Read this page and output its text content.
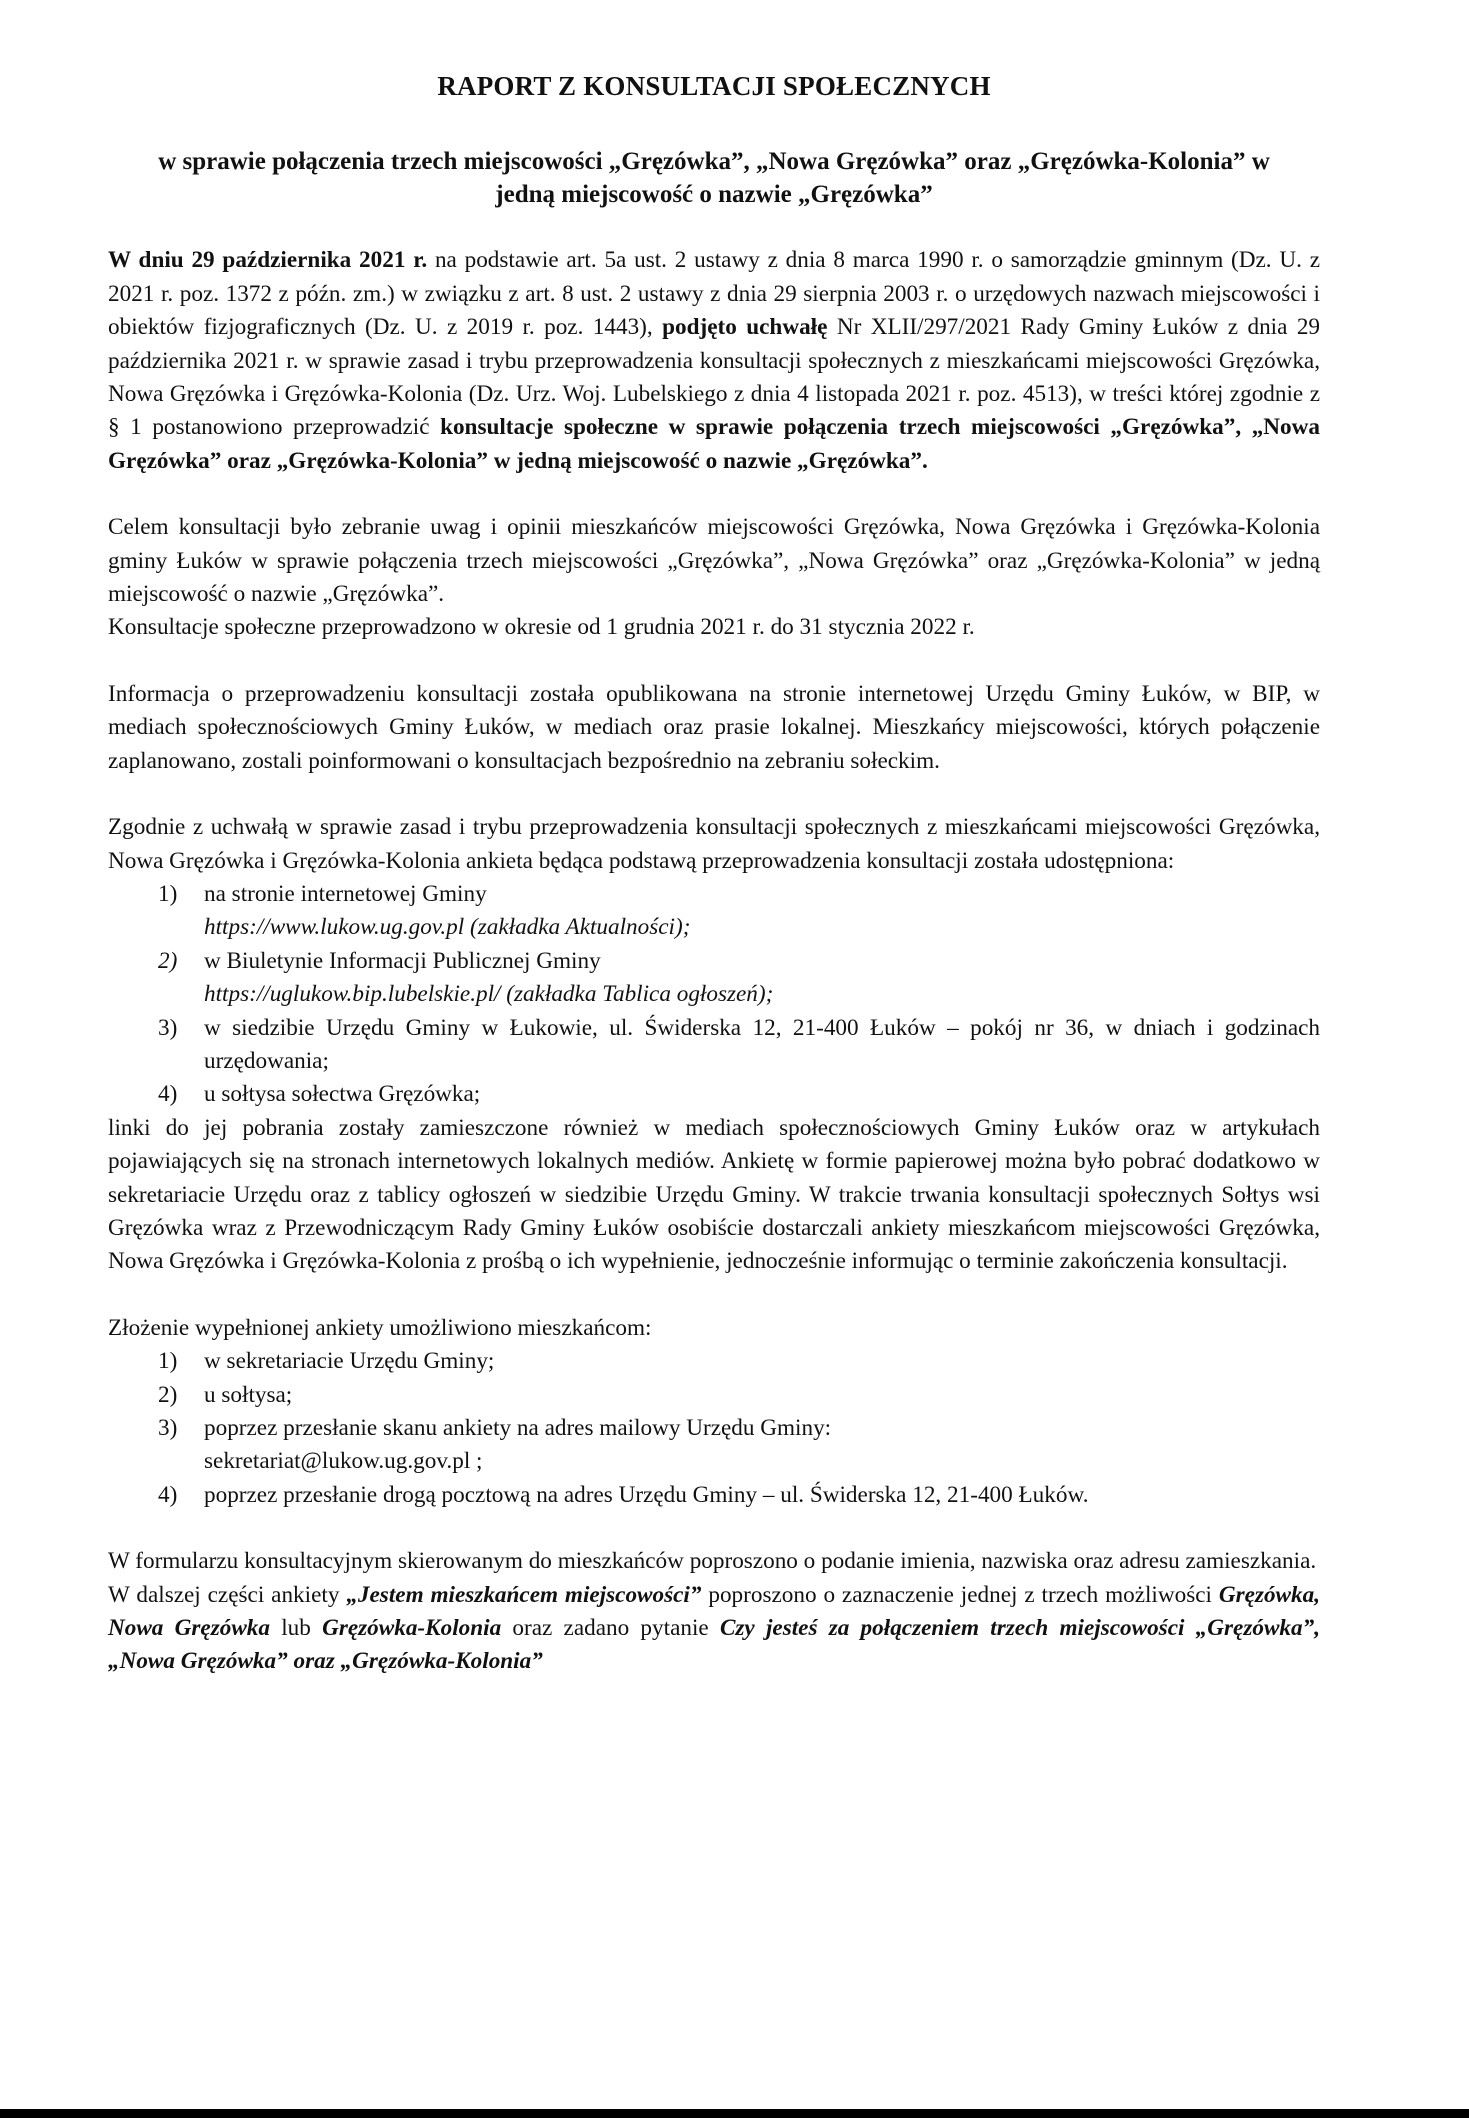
RAPORT Z KONSULTACJI SPOŁECZNYCH
w sprawie połączenia trzech miejscowości „Gręzówka”, „Nowa Gręzówka” oraz „Gręzówka-Kolonia” w jedną miejscowość o nazwie „Gręzówka”

W dniu 29 października 2021 r. na podstawie art. 5a ust. 2 ustawy z dnia 8 marca 1990 r. o samorządzie gminnym (Dz. U. z 2021 r. poz. 1372 z późn. zm.) w związku z art. 8 ust. 2 ustawy z dnia 29 sierpnia 2003 r. o urzędowych nazwach miejscowości i obiektów fizjograficznych (Dz. U. z 2019 r. poz. 1443), podjęto uchwałę Nr XLII/297/2021 Rady Gminy Łuków z dnia 29 października 2021 r. w sprawie zasad i trybu przeprowadzenia konsultacji społecznych z mieszkańcami miejscowości Gręzówka, Nowa Gręzówka i Gręzówka-Kolonia (Dz. Urz. Woj. Lubelskiego z dnia 4 listopada 2021 r. poz. 4513), w treści której zgodnie z § 1 postanowiono przeprowadzić konsultacje społeczne w sprawie połączenia trzech miejscowości „Gręzówka”, „Nowa Gręzówka” oraz „Gręzówka-Kolonia” w jedną miejscowość o nazwie „Gręzówka”.

Celem konsultacji było zebranie uwag i opinii mieszkańców miejscowości Gręzówka, Nowa Gręzówka i Gręzówka-Kolonia gminy Łuków w sprawie połączenia trzech miejscowości „Gręzówka”, „Nowa Gręzówka” oraz „Gręzówka-Kolonia” w jedną miejscowość o nazwie „Gręzówka”.

Konsultacje społeczne przeprowadzono w okresie od 1 grudnia 2021 r. do 31 stycznia 2022 r.

Informacja o przeprowadzeniu konsultacji została opublikowana na stronie internetowej Urzędu Gminy Łuków, w BIP, w mediach społecznościowych Gminy Łuków, w mediach oraz prasie lokalnej. Mieszkańcy miejscowości, których połączenie zaplanowano, zostali poinformowani o konsultacjach bezpośrednio na zebraniu sołeckim.

Zgodnie z uchwałą w sprawie zasad i trybu przeprowadzenia konsultacji społecznych z mieszkańcami miejscowości Gręzówka, Nowa Gręzówka i Gręzówka-Kolonia ankieta będąca podstawą przeprowadzenia konsultacji została udostępniona:

1) na stronie internetowej Gminy
https://www.lukow.ug.gov.pl (zakładka Aktualności);
2) w Biuletynie Informacji Publicznej Gminy
https://uglukow.bip.lubelskie.pl/ (zakładka Tablica ogłoszeń);
3) w siedzibie Urzędu Gminy w Łukowie, ul. Świderska 12, 21-400 Łuków – pokój nr 36, w dniach i godzinach urzędowania;
4) u sołtysa sołectwa Gręzówka;

linki do jej pobrania zostały zamieszczone również w mediach społecznościowych Gminy Łuków oraz w artykułach pojawiających się na stronach internetowych lokalnych mediów. Ankietę w formie papierowej można było pobrać dodatkowo w sekretariacie Urzędu oraz z tablicy ogłoszeń w siedzibie Urzędu Gminy. W trakcie trwania konsultacji społecznych Sołtys wsi Gręzówka wraz z Przewodniczącym Rady Gminy Łuków osobiście dostarczali ankiety mieszkańcom miejscowości Gręzówka, Nowa Gręzówka i Gręzówka-Kolonia z prośbą o ich wypełnienie, jednocześnie informując o terminie zakończenia konsultacji.

Złożenie wypełnionej ankiety umożliwiono mieszkańcom:

1) w sekretariacie Urzędu Gminy;
2) u sołtysa;
3) poprzez przesłanie skanu ankiety na adres mailowy Urzędu Gminy:
sekretariat@lukow.ug.gov.pl ;
4) poprzez przesłanie drogą pocztową na adres Urzędu Gminy – ul. Świderska 12, 21-400 Łuków.

W formularzu konsultacyjnym skierowanym do mieszkańców poproszono o podanie imienia, nazwiska oraz adresu zamieszkania.

W dalszej części ankiety „Jestem mieszkańcem miejscowości” poproszono o zaznaczenie jednej z trzech możliwości Gręzówka, Nowa Gręzówka lub Gręzówka-Kolonia oraz zadano pytanie Czy jesteś za połączeniem trzech miejscowości „Gręzówka”, „Nowa Gręzówka” oraz „Gręzówka-Kolonia”
